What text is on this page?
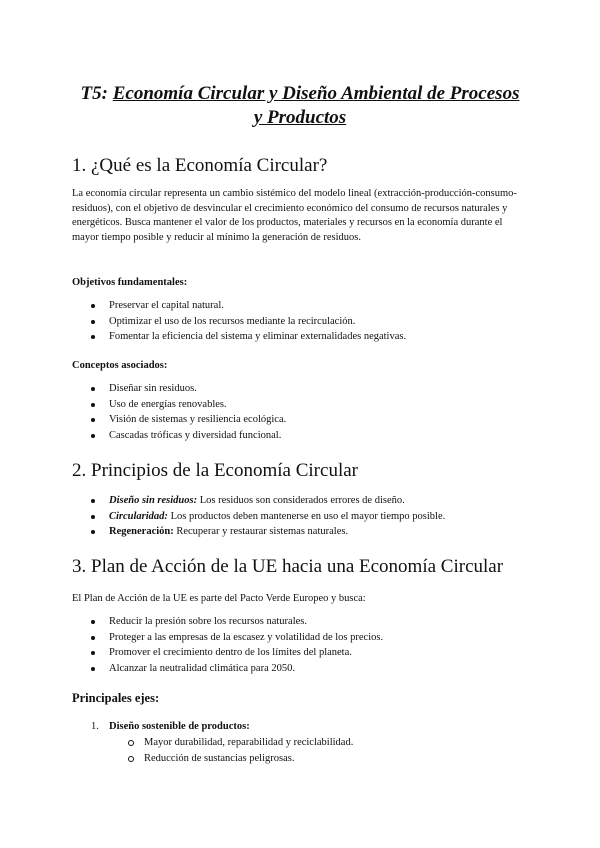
T5: Economía Circular y Diseño Ambiental de Procesos
y Productos
1. ¿Qué es la Economía Circular?

La economía circular representa un cambio sistémico del modelo lineal (extracción-producción-consumo-residuos), con el objetivo de desvincular el crecimiento económico del consumo de recursos naturales y energéticos. Busca mantener el valor de los productos, materiales y recursos en la economía durante el mayor tiempo posible y reducir al mínimo la generación de residuos.

Objetivos fundamentales:

Preservar el capital natural.
Optimizar el uso de los recursos mediante la recirculación.
Fomentar la eficiencia del sistema y eliminar externalidades negativas.

Conceptos asociados:

Diseñar sin residuos.
Uso de energías renovables.
Visión de sistemas y resiliencia ecológica.
Cascadas tróficas y diversidad funcional.
2. Principios de la Economía Circular
Diseño sin residuos: Los residuos son considerados errores de diseño.
Circularidad: Los productos deben mantenerse en uso el mayor tiempo posible.
Regeneración: Recuperar y restaurar sistemas naturales.
3. Plan de Acción de la UE hacia una Economía Circular

El Plan de Acción de la UE es parte del Pacto Verde Europeo y busca:

Reducir la presión sobre los recursos naturales.
Proteger a las empresas de la escasez y volatilidad de los precios.
Promover el crecimiento dentro de los límites del planeta.
Alcanzar la neutralidad climática para 2050.

Principales ejes:

1. Diseño sostenible de productos:
Mayor durabilidad, reparabilidad y reciclabilidad.
Reducción de sustancias peligrosas.
